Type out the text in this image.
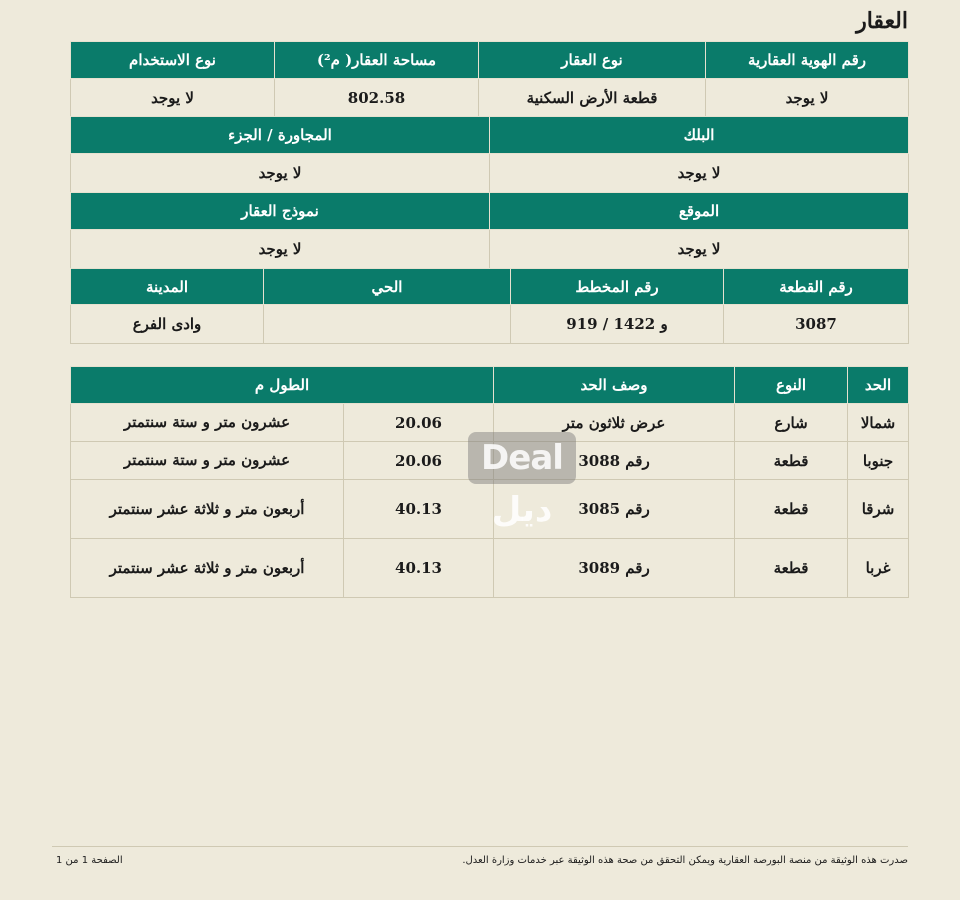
العقار
رقم الهوية العقارية	نوع العقار	مساحة العقار( م²)	نوع الاستخدام
لا يوجد	قطعة الأرض السكنية	802.58	لا يوجد
البلك	المجاورة / الجزء
لا يوجد	لا يوجد
الموقع	نموذج العقار
لا يوجد	لا يوجد
رقم القطعة	رقم المخطط	الحي	المدينة
3087	919 / و 1422		وادى الفرع
الحد	النوع	وصف الحد	الطول م	
شمالا	شارع	عرض ثلاثون متر	20.06	عشرون متر و ستة سنتمتر
جنوبا	قطعة	رقم 3088	20.06	عشرون متر و ستة سنتمتر
شرقا	قطعة	رقم 3085	40.13	أربعون متر و ثلاثة عشر سنتمتر
غربا	قطعة	رقم 3089	40.13	أربعون متر و ثلاثة عشر سنتمتر
Deal ديل
صدرت هذه الوثيقة من منصة البورصة العقارية ويمكن التحقق من صحة هذه الوثيقة عبر خدمات وزارة العدل.
الصفحة 1 من 1
